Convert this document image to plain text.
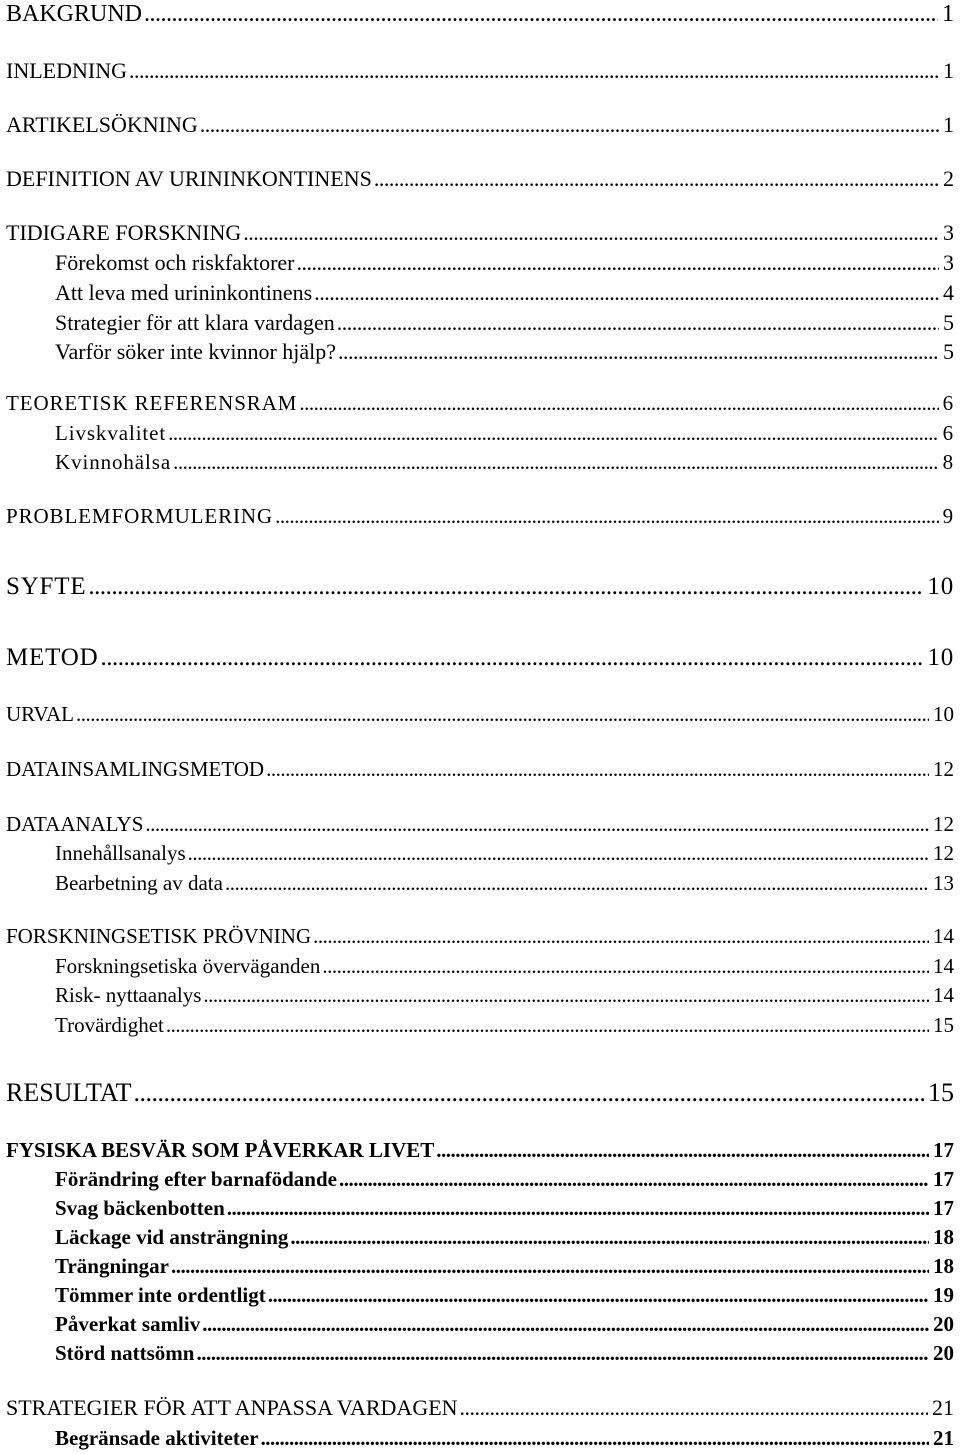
BAKGRUND .....	1
INLEDNING .....	1
ARTIKELSÖKNING .....	1
DEFINITION AV URININKONTINENS .....	2
TIDIGARE FORSKNING .....	3
Förekomst och riskfaktorer .....	3
Att leva med urininkontinens .....	4
Strategier för att klara vardagen .....	5
Varför söker inte kvinnor hjälp? .....	5
TEORETISK REFERENSRAM .....	6
Livskvalitet .....	6
Kvinnohälsa .....	8
PROBLEMFORMULERING .....	9
SYFTE .....	10
METOD .....	10
URVAL .....	10
DATAINSAMLINGSMETOD .....	12
DATAANALYS .....	12
Innehållsanalys .....	12
Bearbetning av data .....	13
FORSKNINGSETISK PRÖVNING .....	14
Forskningsetiska överväganden .....	14
Risk- nyttaanalys .....	14
Trovärdighet .....	15
RESULTAT .....	15
FYSISKA BESVÄR SOM PÅVERKAR LIVET .....	17
Förändring efter barnafödande .....	17
Svag bäckenbotten .....	17
Läckage vid ansträngning .....	18
Trängningar .....	18
Tömmer inte ordentligt .....	19
Påverkat samliv .....	20
Störd nattsömn .....	20
STRATEGIER FÖR ATT ANPASSA VARDAGEN .....	21
Begränsade aktiviteter .....	21
